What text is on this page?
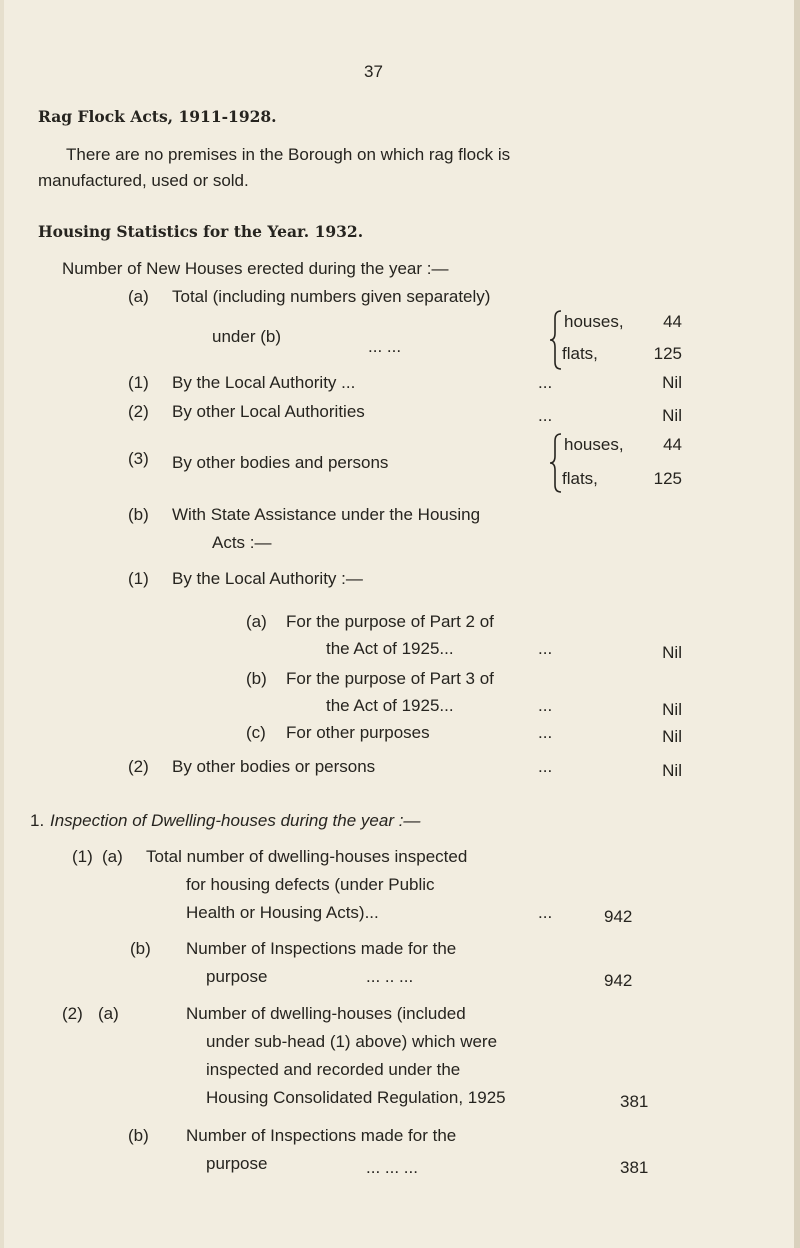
37
Rag Flock Acts, 1911-1928.
There are no premises in the Borough on which rag flock is
manufactured, used or sold.
Housing Statistics for the Year. 1932.
Number of New Houses erected during the year :—
(a) Total (including numbers given separately)
under (b)
... ...
houses,	44
flats,	125
(1) By the Local Authority ...	...	Nil
(2) By other Local Authorities	...	Nil
(3) By other bodies and persons
houses,	44
flats,	125
(b) With State Assistance under the Housing
Acts :—
(1) By the Local Authority :—
(a) For the purpose of Part 2 of
the Act of 1925...	...	Nil
(b) For the purpose of Part 3 of
the Act of 1925...	...	Nil
(c) For other purposes	...	Nil
(2) By other bodies or persons	...	Nil
1. Inspection of Dwelling-houses during the year :—
(1) (a) Total number of dwelling-houses inspected
for housing defects (under Public
Health or Housing Acts)...	...	942
(b) Number of Inspections made for the
purpose	... .. ...	942
(2) (a)	Number of dwelling-houses (included
under sub-head (1) above) which were
inspected and recorded under the
Housing Consolidated Regulation, 1925	381
(b) Number of Inspections made for the
purpose	... ... ...	381
